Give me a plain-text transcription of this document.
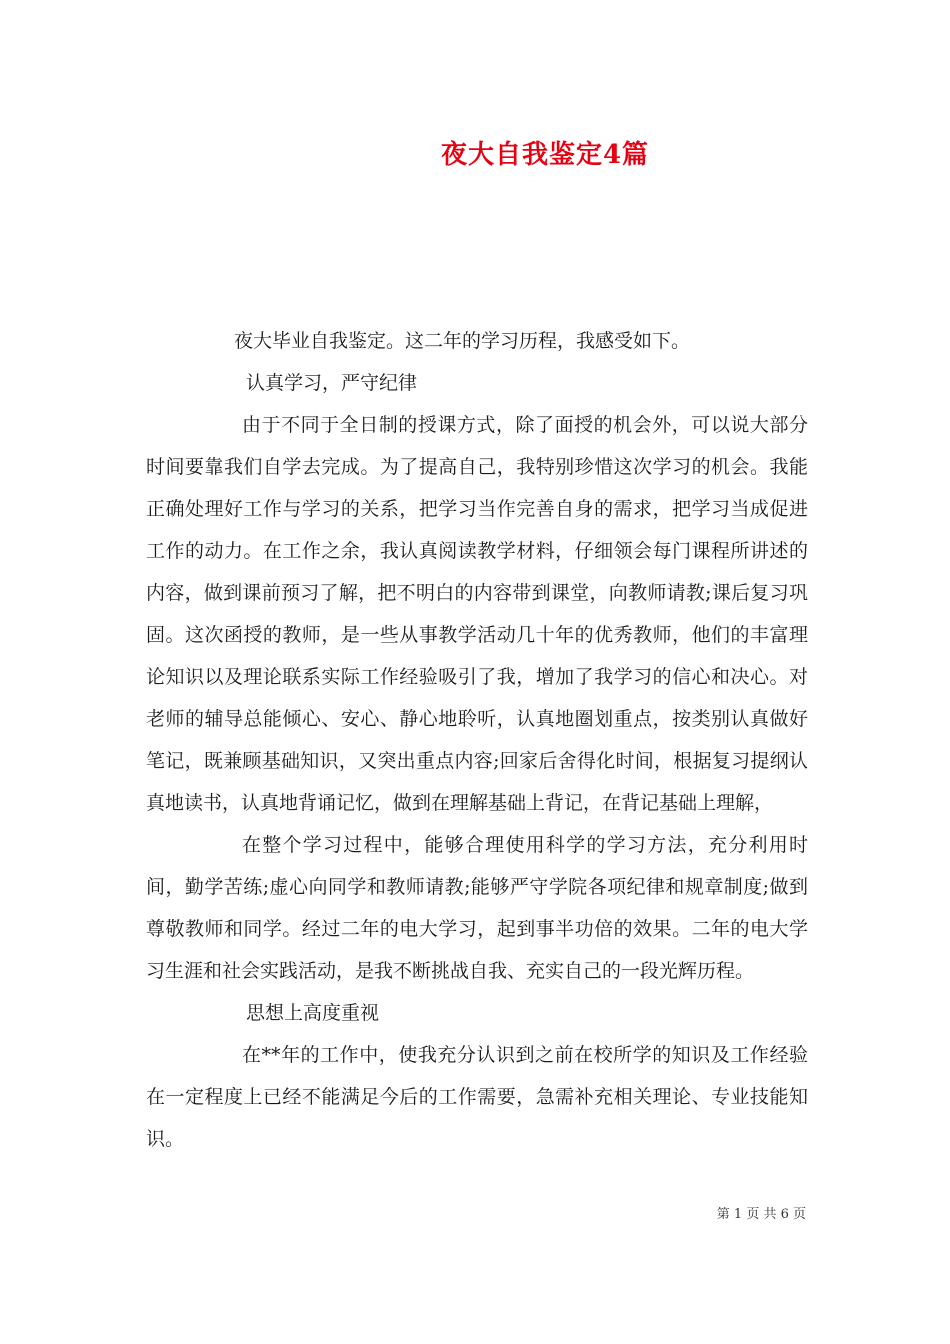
夜大自我鉴定4篇

夜大毕业自我鉴定。这二年的学习历程，我感受如下。

认真学习，严守纪律

由于不同于全日制的授课方式，除了面授的机会外，可以说大部分时间要靠我们自学去完成。为了提高自己，我特别珍惜这次学习的机会。我能正确处理好工作与学习的关系，把学习当作完善自身的需求，把学习当成促进工作的动力。在工作之余，我认真阅读教学材料，仔细领会每门课程所讲述的内容，做到课前预习了解，把不明白的内容带到课堂，向教师请教;课后复习巩固。这次函授的教师，是一些从事教学活动几十年的优秀教师，他们的丰富理论知识以及理论联系实际工作经验吸引了我，增加了我学习的信心和决心。对老师的辅导总能倾心、安心、静心地聆听，认真地圈划重点，按类别认真做好笔记，既兼顾基础知识，又突出重点内容;回家后舍得化时间，根据复习提纲认真地读书，认真地背诵记忆，做到在理解基础上背记，在背记基础上理解，

在整个学习过程中，能够合理使用科学的学习方法，充分利用时间，勤学苦练;虚心向同学和教师请教;能够严守学院各项纪律和规章制度;做到尊敬教师和同学。经过二年的电大学习，起到事半功倍的效果。二年的电大学习生涯和社会实践活动，是我不断挑战自我、充实自己的一段光辉历程。

思想上高度重视

在**年的工作中，使我充分认识到之前在校所学的知识及工作经验在一定程度上已经不能满足今后的工作需要，急需补充相关理论、专业技能知识。

第 1 页 共 6 页
